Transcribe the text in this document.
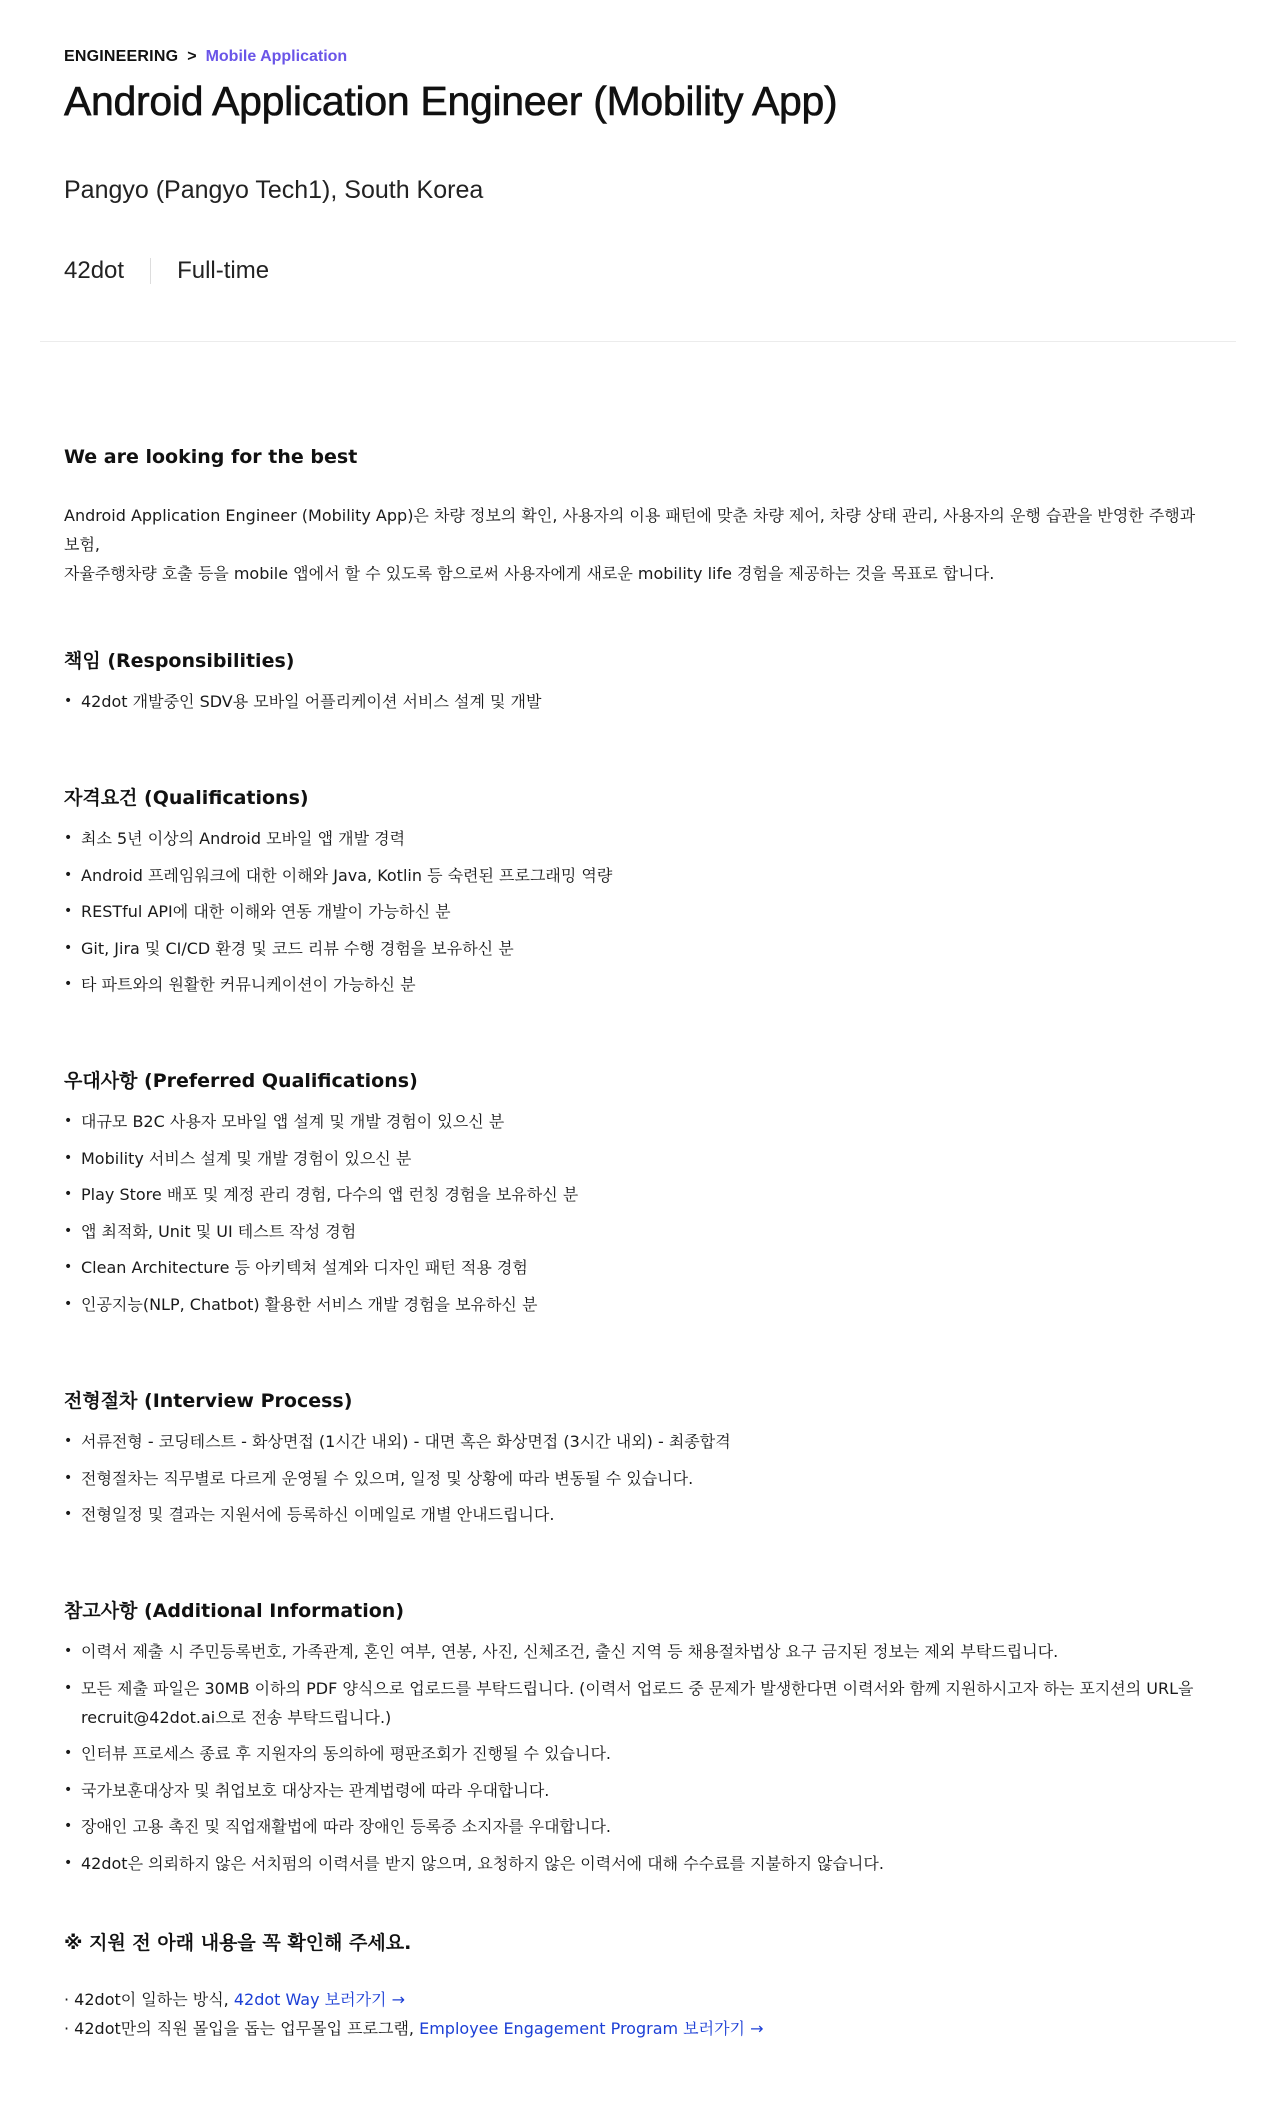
ENGINEERING > Mobile Application
Android Application Engineer (Mobility App)
Pangyo (Pangyo Tech1), South Korea
42dot Full-time
We are looking for the best
Android Application Engineer (Mobility App)은 차량 정보의 확인, 사용자의 이용 패턴에 맞춘 차량 제어, 차량 상태 관리, 사용자의 운행 습관을 반영한 주행과 보험,
자율주행차량 호출 등을 mobile 앱에서 할 수 있도록 함으로써 사용자에게 새로운 mobility life 경험을 제공하는 것을 목표로 합니다.
책임 (Responsibilities)
• 42dot 개발중인 SDV용 모바일 어플리케이션 서비스 설계 및 개발
자격요건 (Qualifications)
• 최소 5년 이상의 Android 모바일 앱 개발 경력
• Android 프레임워크에 대한 이해와 Java, Kotlin 등 숙련된 프로그래밍 역량
• RESTful API에 대한 이해와 연동 개발이 가능하신 분
• Git, Jira 및 CI/CD 환경 및 코드 리뷰 수행 경험을 보유하신 분
• 타 파트와의 원활한 커뮤니케이션이 가능하신 분
우대사항 (Preferred Qualifications)
• 대규모 B2C 사용자 모바일 앱 설계 및 개발 경험이 있으신 분
• Mobility 서비스 설계 및 개발 경험이 있으신 분
• Play Store 배포 및 계정 관리 경험, 다수의 앱 런칭 경험을 보유하신 분
• 앱 최적화, Unit 및 UI 테스트 작성 경험
• Clean Architecture 등 아키텍쳐 설계와 디자인 패턴 적용 경험
• 인공지능(NLP, Chatbot) 활용한 서비스 개발 경험을 보유하신 분
전형절차 (Interview Process)
• 서류전형 - 코딩테스트 - 화상면접 (1시간 내외) - 대면 혹은 화상면접 (3시간 내외) - 최종합격
• 전형절차는 직무별로 다르게 운영될 수 있으며, 일정 및 상황에 따라 변동될 수 있습니다.
• 전형일정 및 결과는 지원서에 등록하신 이메일로 개별 안내드립니다.
참고사항 (Additional Information)
• 이력서 제출 시 주민등록번호, 가족관계, 혼인 여부, 연봉, 사진, 신체조건, 출신 지역 등 채용절차법상 요구 금지된 정보는 제외 부탁드립니다.
• 모든 제출 파일은 30MB 이하의 PDF 양식으로 업로드를 부탁드립니다. (이력서 업로드 중 문제가 발생한다면 이력서와 함께 지원하시고자 하는 포지션의 URL을 recruit@42dot.ai으로 전송 부탁드립니다.)
• 인터뷰 프로세스 종료 후 지원자의 동의하에 평판조회가 진행될 수 있습니다.
• 국가보훈대상자 및 취업보호 대상자는 관계법령에 따라 우대합니다.
• 장애인 고용 촉진 및 직업재활법에 따라 장애인 등록증 소지자를 우대합니다.
• 42dot은 의뢰하지 않은 서치펌의 이력서를 받지 않으며, 요청하지 않은 이력서에 대해 수수료를 지불하지 않습니다.
※ 지원 전 아래 내용을 꼭 확인해 주세요.
· 42dot이 일하는 방식, 42dot Way 보러가기 →
· 42dot만의 직원 몰입을 돕는 업무몰입 프로그램, Employee Engagement Program 보러가기 →
